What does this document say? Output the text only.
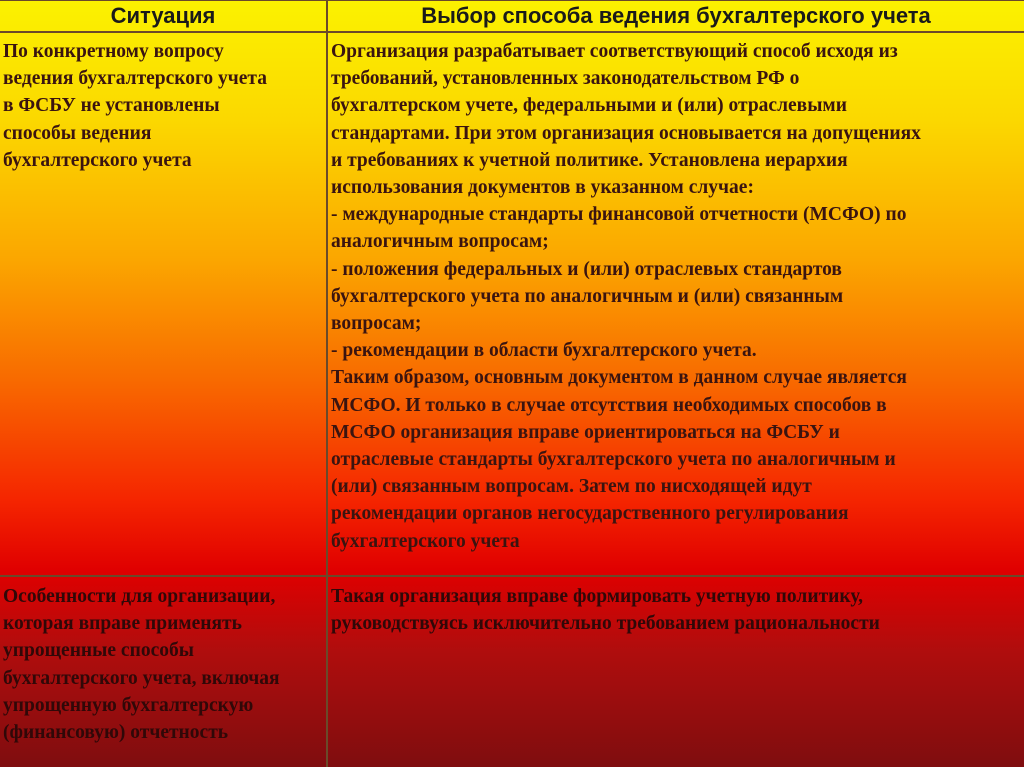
Ситуация	Выбор способа ведения бухгалтерского учета
По конкретному вопросу
ведения бухгалтерского учета
в ФСБУ не установлены
способы ведения
бухгалтерского учета
Организация разрабатывает соответствующий способ исходя из
требований, установленных законодательством РФ о
бухгалтерском учете, федеральными и (или) отраслевыми
стандартами. При этом организация основывается на допущениях
и требованиях к учетной политике. Установлена иерархия
использования документов в указанном случае:
- международные стандарты финансовой отчетности (МСФО) по
аналогичным вопросам;
- положения федеральных и (или) отраслевых стандартов
бухгалтерского учета по аналогичным и (или) связанным
вопросам;
- рекомендации в области бухгалтерского учета.
Таким образом, основным документом в данном случае является
МСФО. И только в случае отсутствия необходимых способов в
МСФО организация вправе ориентироваться на ФСБУ и
отраслевые стандарты бухгалтерского учета по аналогичным и
(или) связанным вопросам. Затем по нисходящей идут
рекомендации органов негосударственного регулирования
бухгалтерского учета
Особенности для организации,
которая вправе применять
упрощенные способы
бухгалтерского учета, включая
упрощенную бухгалтерскую
(финансовую) отчетность
Такая организация вправе формировать учетную политику,
руководствуясь исключительно требованием рациональности
